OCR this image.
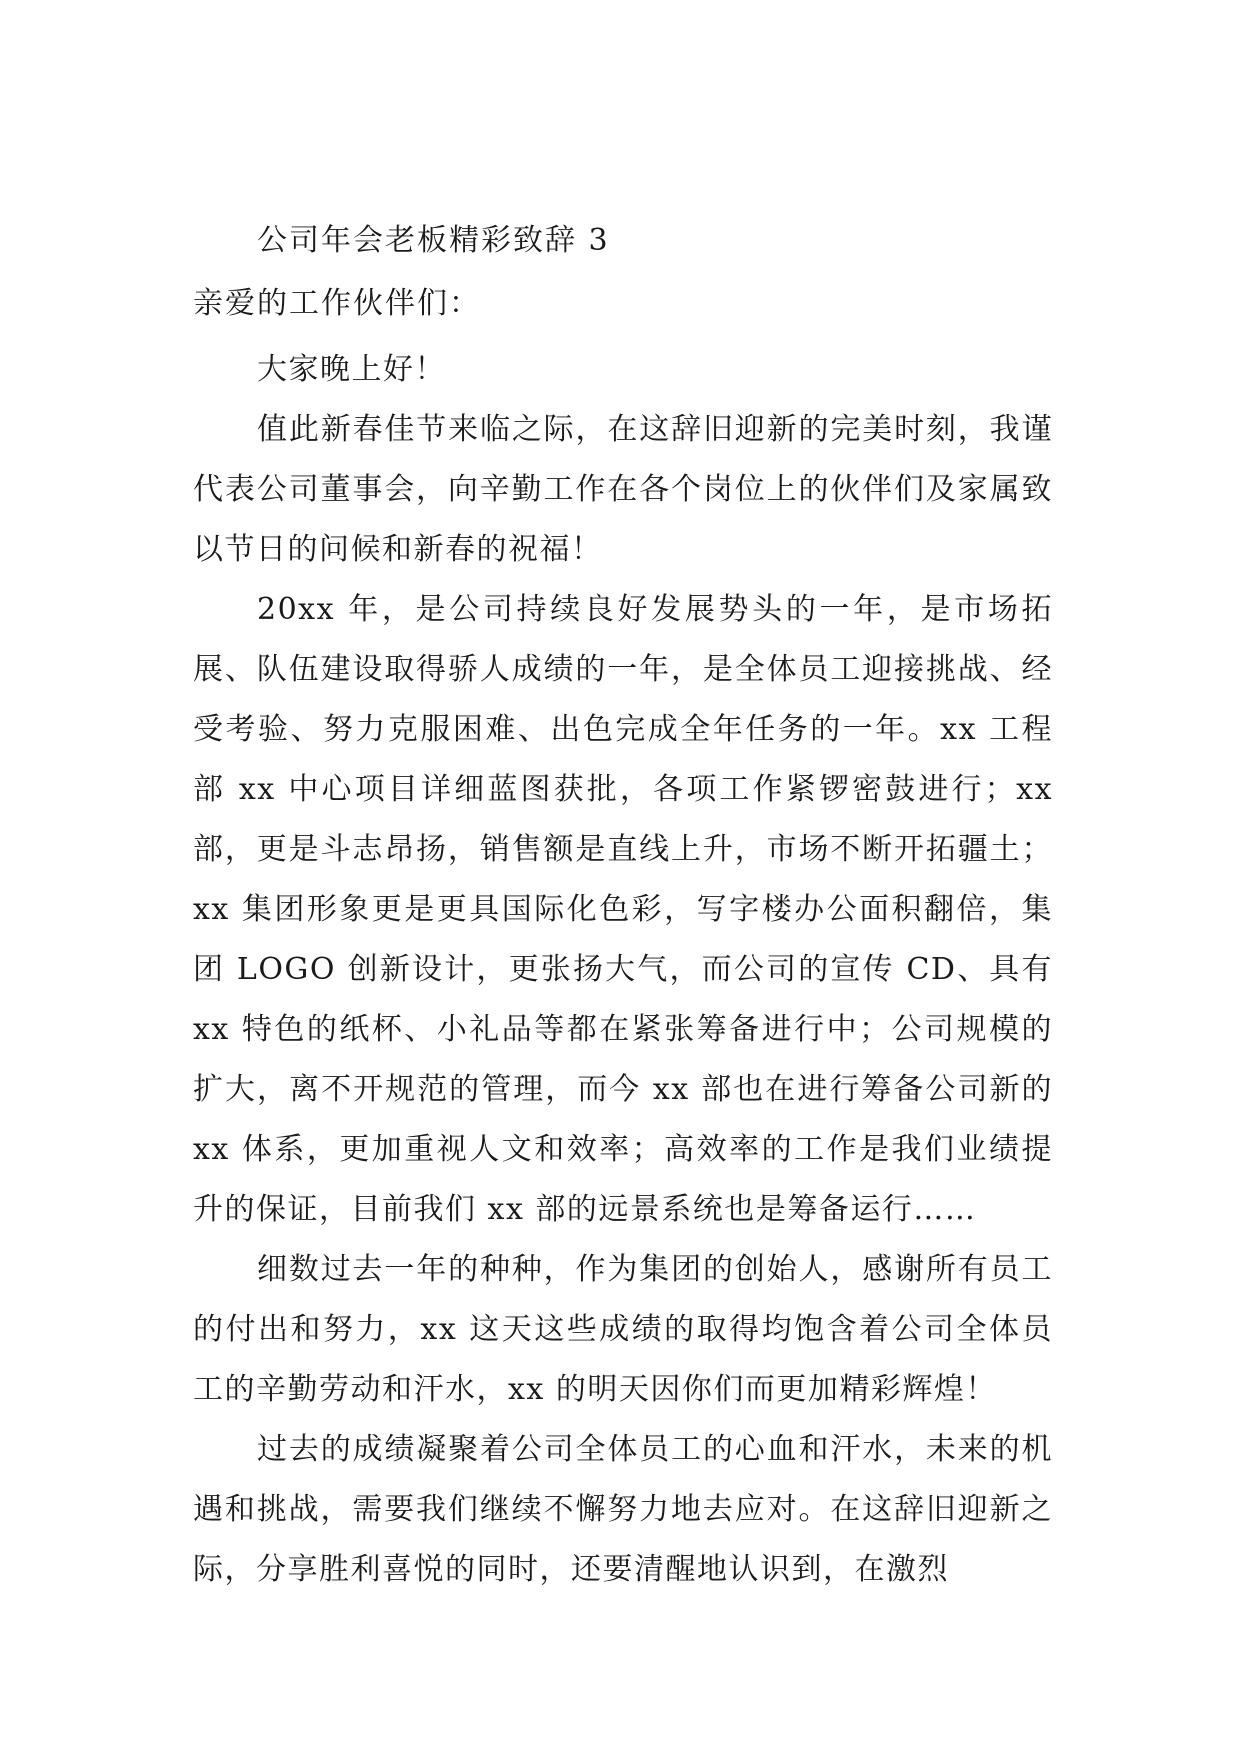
公司年会老板精彩致辞 3
亲爱的工作伙伴们：

大家晚上好！

值此新春佳节来临之际，在这辞旧迎新的完美时刻，我谨代表公司董事会，向辛勤工作在各个岗位上的伙伴们及家属致以节日的问候和新春的祝福！

20xx 年，是公司持续良好发展势头的一年，是市场拓展、队伍建设取得骄人成绩的一年，是全体员工迎接挑战、经受考验、努力克服困难、出色完成全年任务的一年。xx 工程部 xx 中心项目详细蓝图获批，各项工作紧锣密鼓进行；xx 部，更是斗志昂扬，销售额是直线上升，市场不断开拓疆土；xx 集团形象更是更具国际化色彩，写字楼办公面积翻倍，集团 LOGO 创新设计，更张扬大气，而公司的宣传 CD、具有 xx 特色的纸杯、小礼品等都在紧张筹备进行中；公司规模的扩大，离不开规范的管理，而今 xx 部也在进行筹备公司新的 xx 体系，更加重视人文和效率；高效率的工作是我们业绩提升的保证，目前我们 xx 部的远景系统也是筹备运行……

细数过去一年的种种，作为集团的创始人，感谢所有员工的付出和努力，xx 这天这些成绩的取得均饱含着公司全体员工的辛勤劳动和汗水，xx 的明天因你们而更加精彩辉煌！

过去的成绩凝聚着公司全体员工的心血和汗水，未来的机遇和挑战，需要我们继续不懈努力地去应对。在这辞旧迎新之际，分享胜利喜悦的同时，还要清醒地认识到，在激烈
